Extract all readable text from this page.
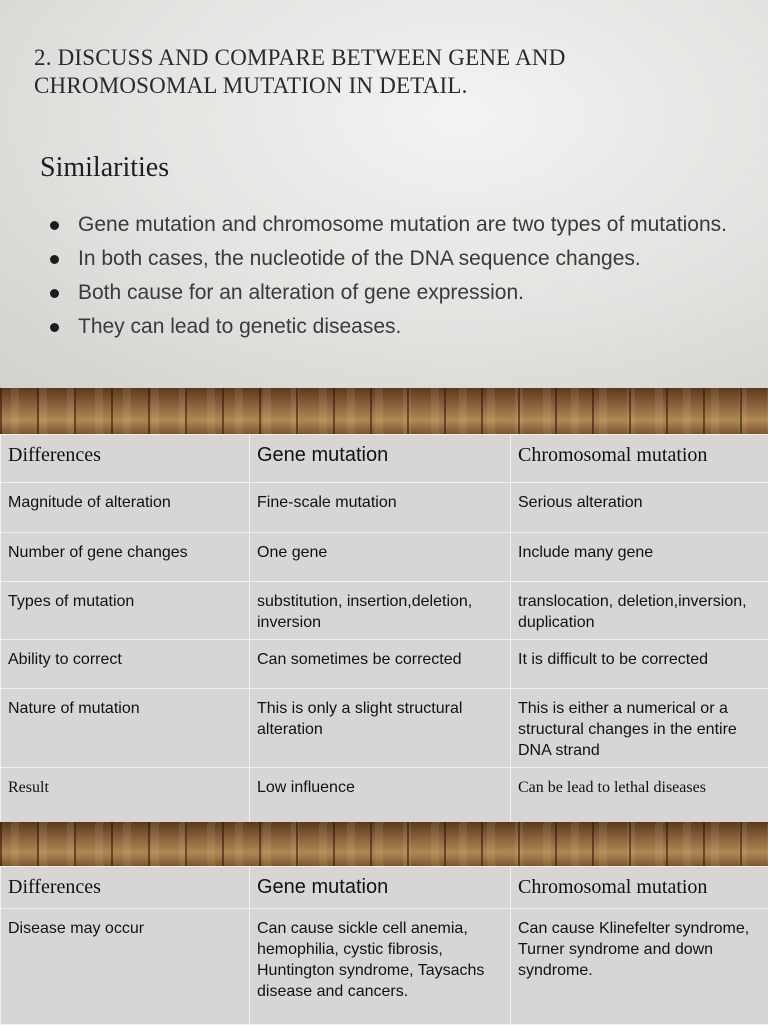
2. DISCUSS AND COMPARE BETWEEN GENE AND
CHROMOSOMAL MUTATION IN DETAIL.
Similarities
Gene mutation and chromosome mutation are two types of mutations.
In both cases, the nucleotide of the DNA sequence changes.
Both cause for an alteration of gene expression.
They can lead to genetic diseases.
Differences	Gene mutation	Chromosomal mutation
Magnitude of alteration	Fine-scale mutation	Serious alteration
Number of gene changes	One gene	Include many gene
Types of mutation	substitution, insertion,deletion, inversion	translocation, deletion,inversion, duplication
Ability to correct	Can sometimes be corrected	It is difficult to be corrected
Nature of mutation	This is only a slight structural alteration	This is either a numerical or a structural changes in the entire DNA strand
Result	Low influence	Can be lead to lethal diseases
Differences	Gene mutation	Chromosomal mutation
Disease may occur	Can cause sickle cell anemia, hemophilia, cystic fibrosis, Huntington syndrome, Taysachs disease and cancers.	Can cause Klinefelter syndrome, Turner syndrome and down syndrome.
